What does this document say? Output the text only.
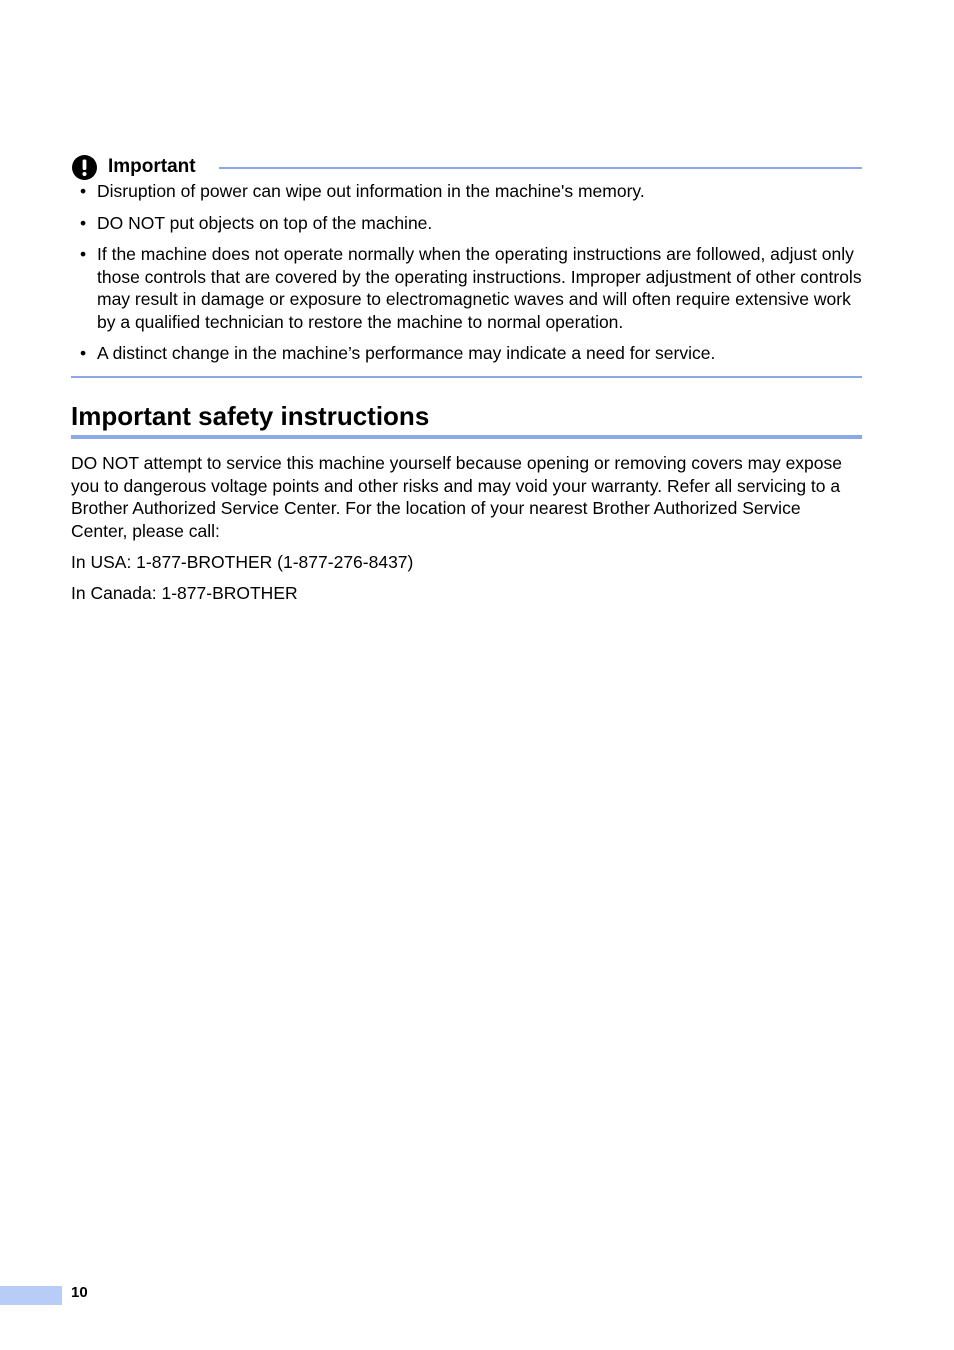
Important
• Disruption of power can wipe out information in the machine's memory.
• DO NOT put objects on top of the machine.
• If the machine does not operate normally when the operating instructions are followed, adjust only those controls that are covered by the operating instructions. Improper adjustment of other controls may result in damage or exposure to electromagnetic waves and will often require extensive work by a qualified technician to restore the machine to normal operation.
• A distinct change in the machine’s performance may indicate a need for service.
Important safety instructions

DO NOT attempt to service this machine yourself because opening or removing covers may expose you to dangerous voltage points and other risks and may void your warranty. Refer all servicing to a Brother Authorized Service Center. For the location of your nearest Brother Authorized Service Center, please call:

In USA: 1-877-BROTHER (1-877-276-8437)

In Canada: 1-877-BROTHER

10
